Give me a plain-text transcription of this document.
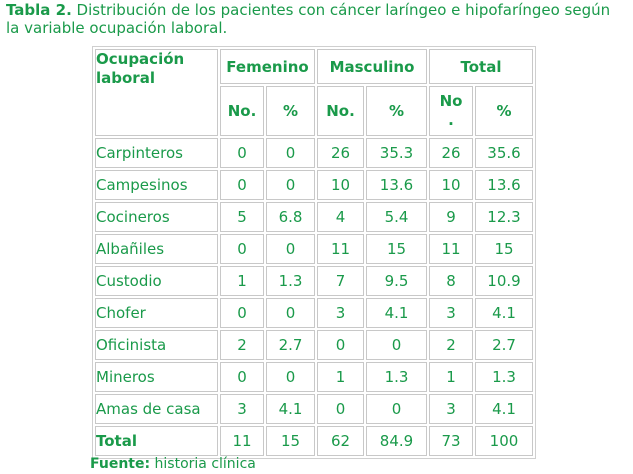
Tabla 2. Distribución de los pacientes con cáncer laríngeo e hipofaríngeo según la variable ocupación laboral.
Ocupación laboral	Femenino		Masculino		Total	
	No.	%	No.	%	No .	%
Carpinteros	0	0	26	35.3	26	35.6
Campesinos	0	0	10	13.6	10	13.6
Cocineros	5	6.8	4	5.4	9	12.3
Albañiles	0	0	11	15	11	15
Custodio	1	1.3	7	9.5	8	10.9
Chofer	0	0	3	4.1	3	4.1
Oficinista	2	2.7	0	0	2	2.7
Mineros	0	0	1	1.3	1	1.3
Amas de casa	3	4.1	0	0	3	4.1
Total	11	15	62	84.9	73	100
Fuente: historia clínica
